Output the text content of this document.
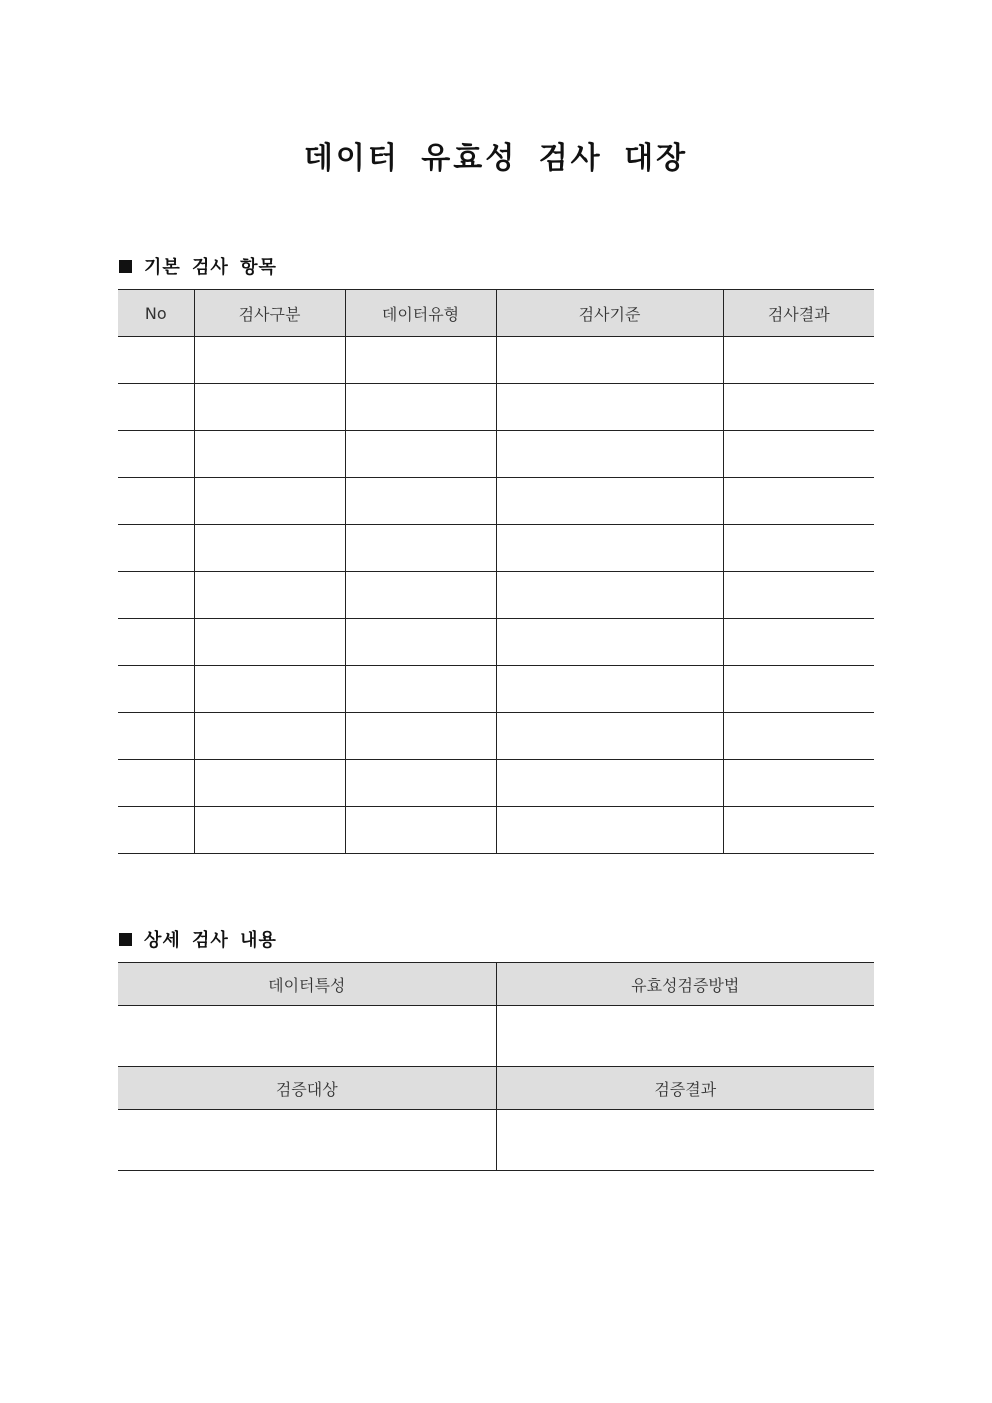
데이터 유효성 검사 대장
기본 검사 항목
No	검사구분	데이터유형	검사기준	검사결과

상세 검사 내용
데이터특성	유효성검증방법

검증대상	검증결과
